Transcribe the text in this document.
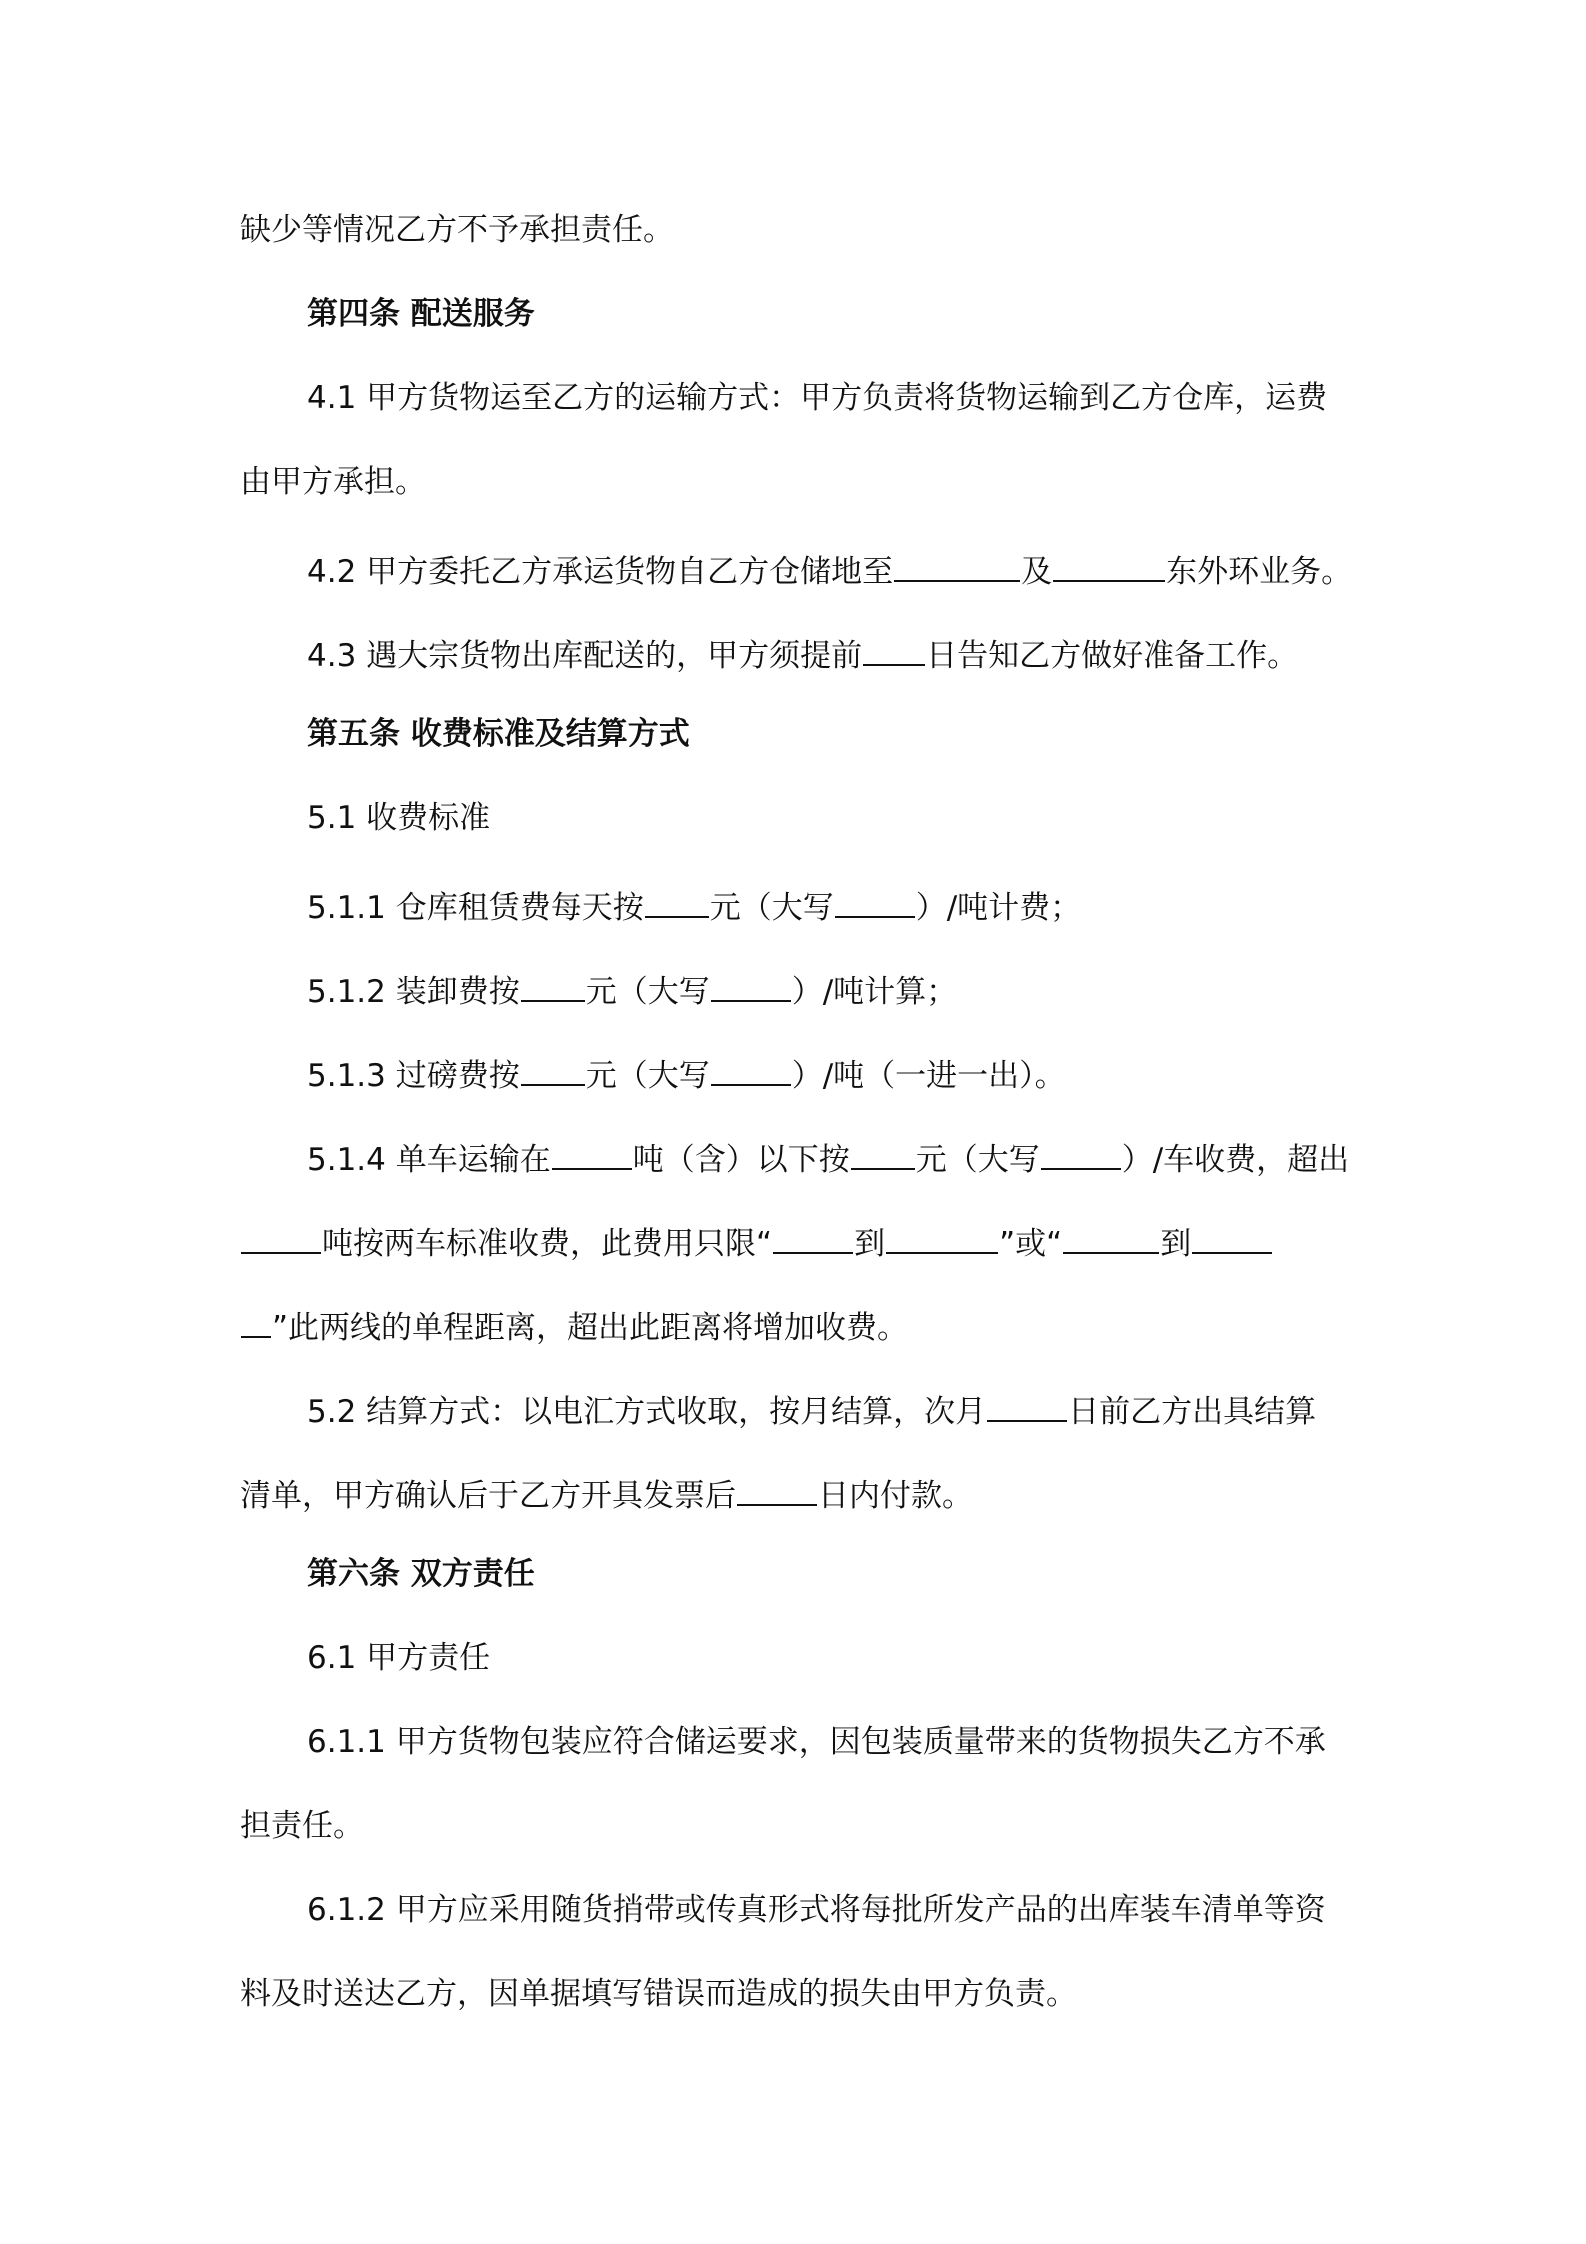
缺少等情况乙方不予承担责任。
第四条 配送服务
4.1 甲方货物运至乙方的运输方式：甲方负责将货物运输到乙方仓库，运费
由甲方承担。
4.2 甲方委托乙方承运货物自乙方仓储地至	及	东外环业务。
4.3 遇大宗货物出库配送的，甲方须提前 日告知乙方做好准备工作。
第五条 收费标准及结算方式
5.1 收费标准
5.1.1 仓库租赁费每天按 元（大写	）/吨计费；
5.1.2 装卸费按 元（大写	）/吨计算；
5.1.3 过磅费按 元（大写	）/吨（一进一出）。
5.1.4 单车运输在	吨（含）以下按 元（大写	）/车收费，超出
吨按两车标准收费，此费用只限“	到	”或“	到
”此两线的单程距离，超出此距离将增加收费。
5.2 结算方式：以电汇方式收取，按月结算，次月	日前乙方出具结算
清单，甲方确认后于乙方开具发票后	日内付款。
第六条 双方责任
6.1 甲方责任
6.1.1 甲方货物包装应符合储运要求，因包装质量带来的货物损失乙方不承
担责任。
6.1.2 甲方应采用随货捎带或传真形式将每批所发产品的出库装车清单等资
料及时送达乙方，因单据填写错误而造成的损失由甲方负责。
